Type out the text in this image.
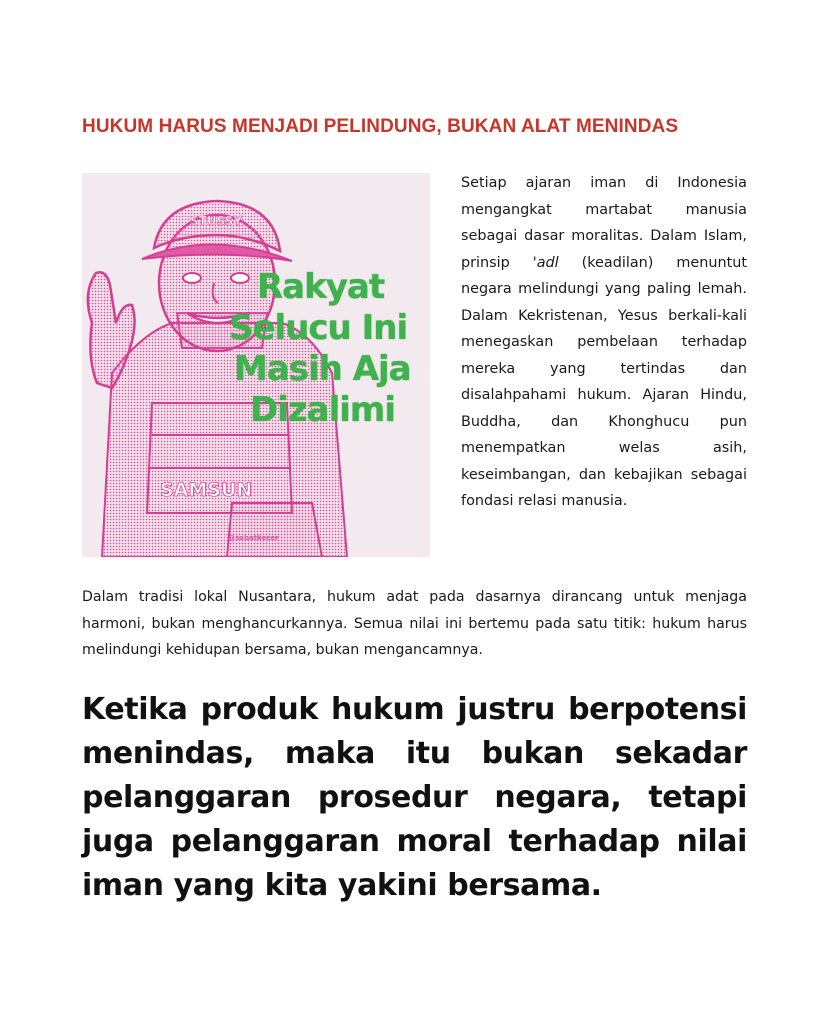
HUKUM HARUS MENJADI PELINDUNG, BUKAN ALAT MENINDAS
STUSSY
SAMSUN
Rakyat
Selucu Ini
Masih Aja
Dizalimi
@sobatkecer

Setiap ajaran iman di Indonesia mengangkat martabat manusia sebagai dasar moralitas. Dalam Islam, prinsip 'adl (keadilan) menuntut negara melindungi yang paling lemah. Dalam Kekristenan, Yesus berkali-kali menegaskan pembelaan terhadap mereka yang tertindas dan disalahpahami hukum. Ajaran Hindu, Buddha, dan Khonghucu pun menempatkan welas asih, keseimbangan, dan kebajikan sebagai fondasi relasi manusia.

Dalam tradisi lokal Nusantara, hukum adat pada dasarnya dirancang untuk menjaga harmoni, bukan menghancurkannya. Semua nilai ini bertemu pada satu titik: hukum harus melindungi kehidupan bersama, bukan mengancamnya.

Ketika produk hukum justru berpotensi menindas, maka itu bukan sekadar pelanggaran prosedur negara, tetapi juga pelanggaran moral terhadap nilai iman yang kita yakini bersama.
